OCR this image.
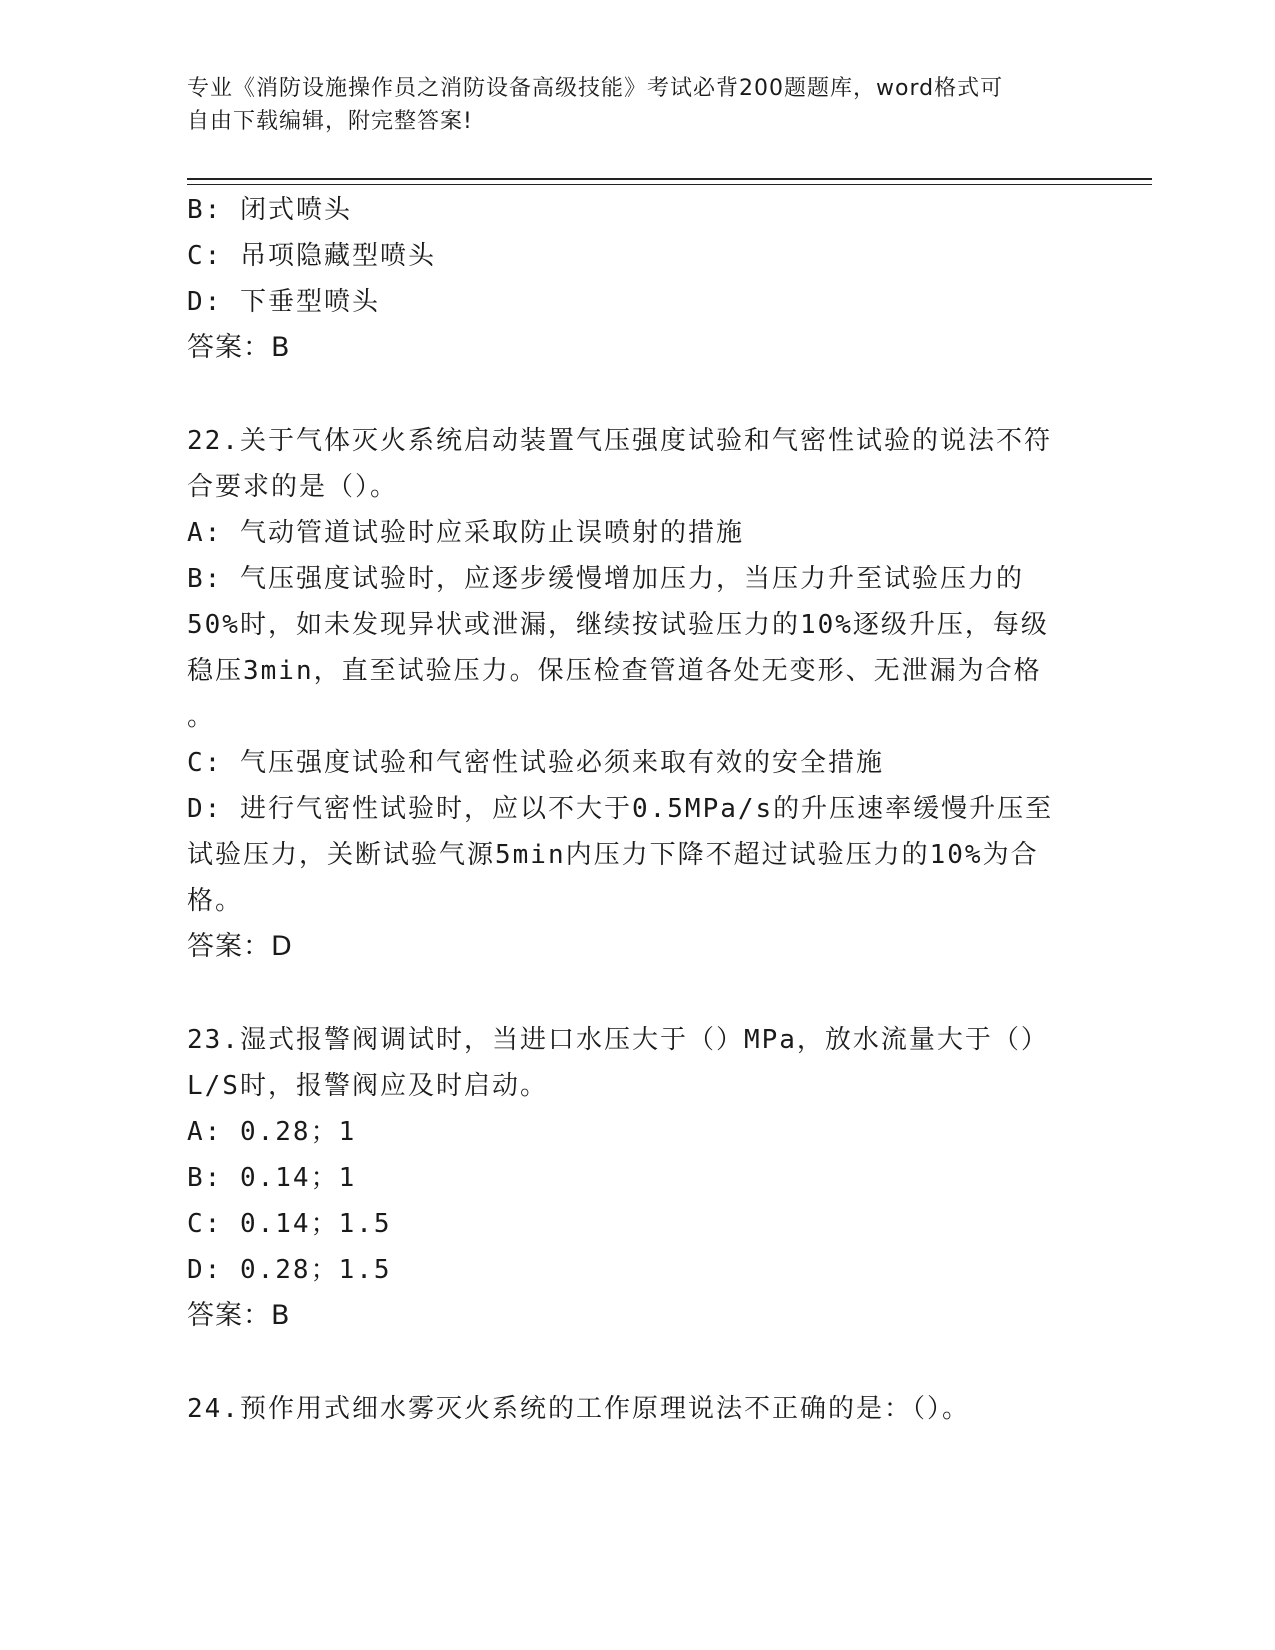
专业《消防设施操作员之消防设备高级技能》考试必背200题题库，word格式可
自由下载编辑，附完整答案!
B: 闭式喷头
C: 吊项隐藏型喷头
D: 下垂型喷头
答案：B
22.关于气体灭火系统启动装置气压强度试验和气密性试验的说法不符
合要求的是（）。
A: 气动管道试验时应采取防止误喷射的措施
B: 气压强度试验时，应逐步缓慢增加压力，当压力升至试验压力的
50%时，如未发现异状或泄漏，继续按试验压力的10%逐级升压，每级
稳压3min，直至试验压力。保压检查管道各处无变形、无泄漏为合格
。
C: 气压强度试验和气密性试验必须来取有效的安全措施
D: 进行气密性试验时，应以不大于0.5MPa/s的升压速率缓慢升压至
试验压力，关断试验气源5min内压力下降不超过试验压力的10%为合
格。
答案：D
23.湿式报警阀调试时，当进口水压大于（）MPa，放水流量大于（）
L/S时，报警阀应及时启动。
A: 0.28；1
B: 0.14；1
C: 0.14；1.5
D: 0.28；1.5
答案：B
24.预作用式细水雾灭火系统的工作原理说法不正确的是：（）。
